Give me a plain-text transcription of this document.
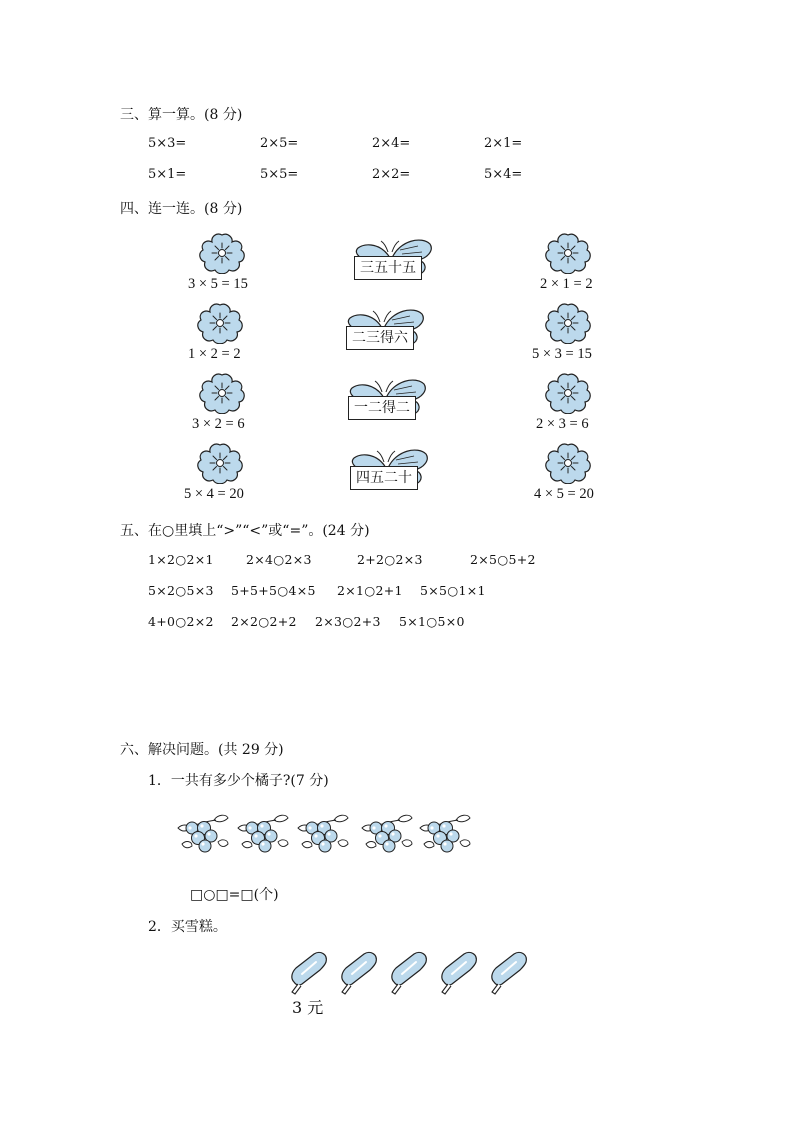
三、算一算。(8 分)
5×3=	2×5=	2×4=	2×1=
5×1=	5×5=	2×2=	5×4=
四、连一连。(8 分)
3 × 5 = 15
1 × 2 = 2
3 × 2 = 6
5 × 4 = 20
三五十五
二三得六
一二得二
四五二十
2 × 1 = 2
5 × 3 = 15
2 × 3 = 6
4 × 5 = 20
五、在○里填上“>”“<”或“=”。(24 分)
1×2○2×1	2×4○2×3	2+2○2×3	2×5○5+2
5×2○5×3 5+5+5○4×5 2×1○2+1 5×5○1×1
4+0○2×2 2×2○2+2 2×3○2+3 5×1○5×0
六、解决问题。(共 29 分)
1．一共有多少个橘子?(7 分)
□○□=□(个)
2．买雪糕。
3 元
